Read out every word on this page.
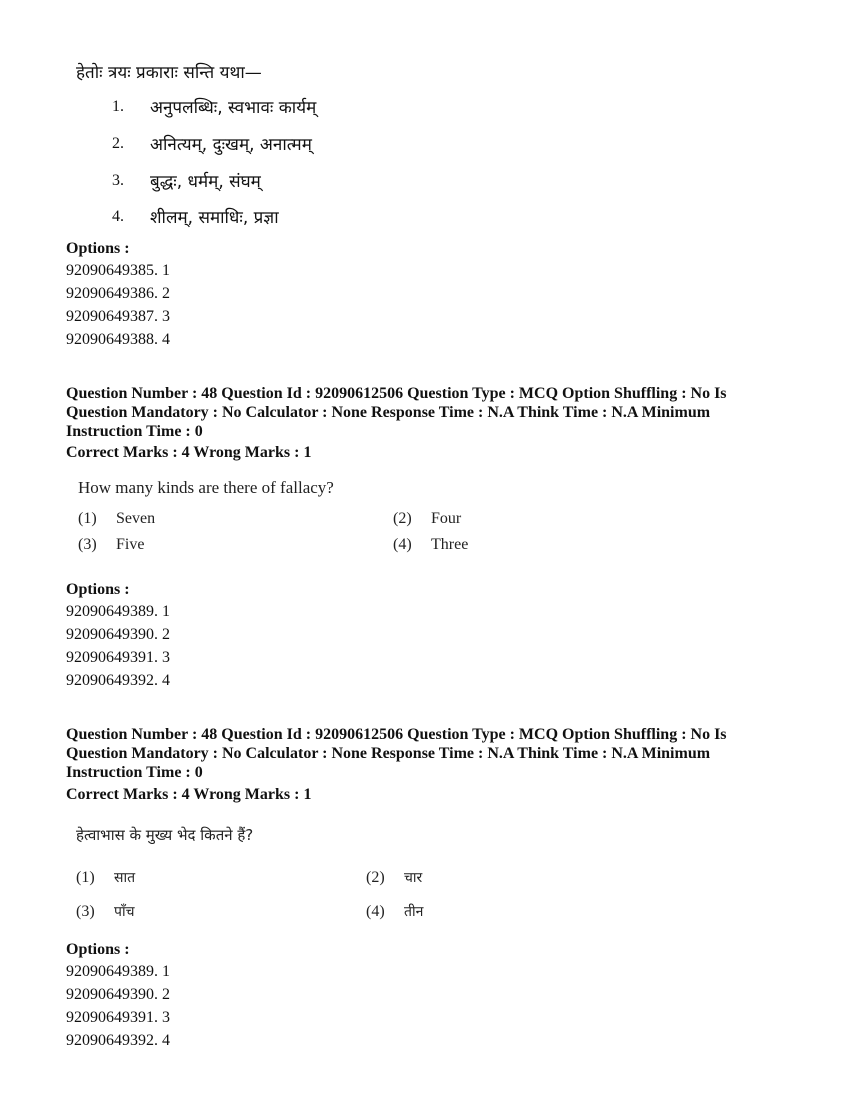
हेतोः त्रयः प्रकाराः सन्ति यथा—
1. अनुपलब्धिः, स्वभावः कार्यम्
2. अनित्यम्, दुःखम्, अनात्मम्
3. बुद्धः, धर्मम्, संघम्
4. शीलम्, समाधिः, प्रज्ञा
Options :
92090649385. 1
92090649386. 2
92090649387. 3
92090649388. 4
Question Number : 48 Question Id : 92090612506 Question Type : MCQ Option Shuffling : No Is
Question Mandatory : No Calculator : None Response Time : N.A Think Time : N.A Minimum
Instruction Time : 0
Correct Marks : 4 Wrong Marks : 1
How many kinds are there of fallacy?
(1) Seven	(2) Four
(3) Five	(4) Three
Options :
92090649389. 1
92090649390. 2
92090649391. 3
92090649392. 4
Question Number : 48 Question Id : 92090612506 Question Type : MCQ Option Shuffling : No Is
Question Mandatory : No Calculator : None Response Time : N.A Think Time : N.A Minimum
Instruction Time : 0
Correct Marks : 4 Wrong Marks : 1
हेत्वाभास के मुख्य भेद कितने हैं?
(1) सात	(2) चार
(3) पाँच	(4) तीन
Options :
92090649389. 1
92090649390. 2
92090649391. 3
92090649392. 4
